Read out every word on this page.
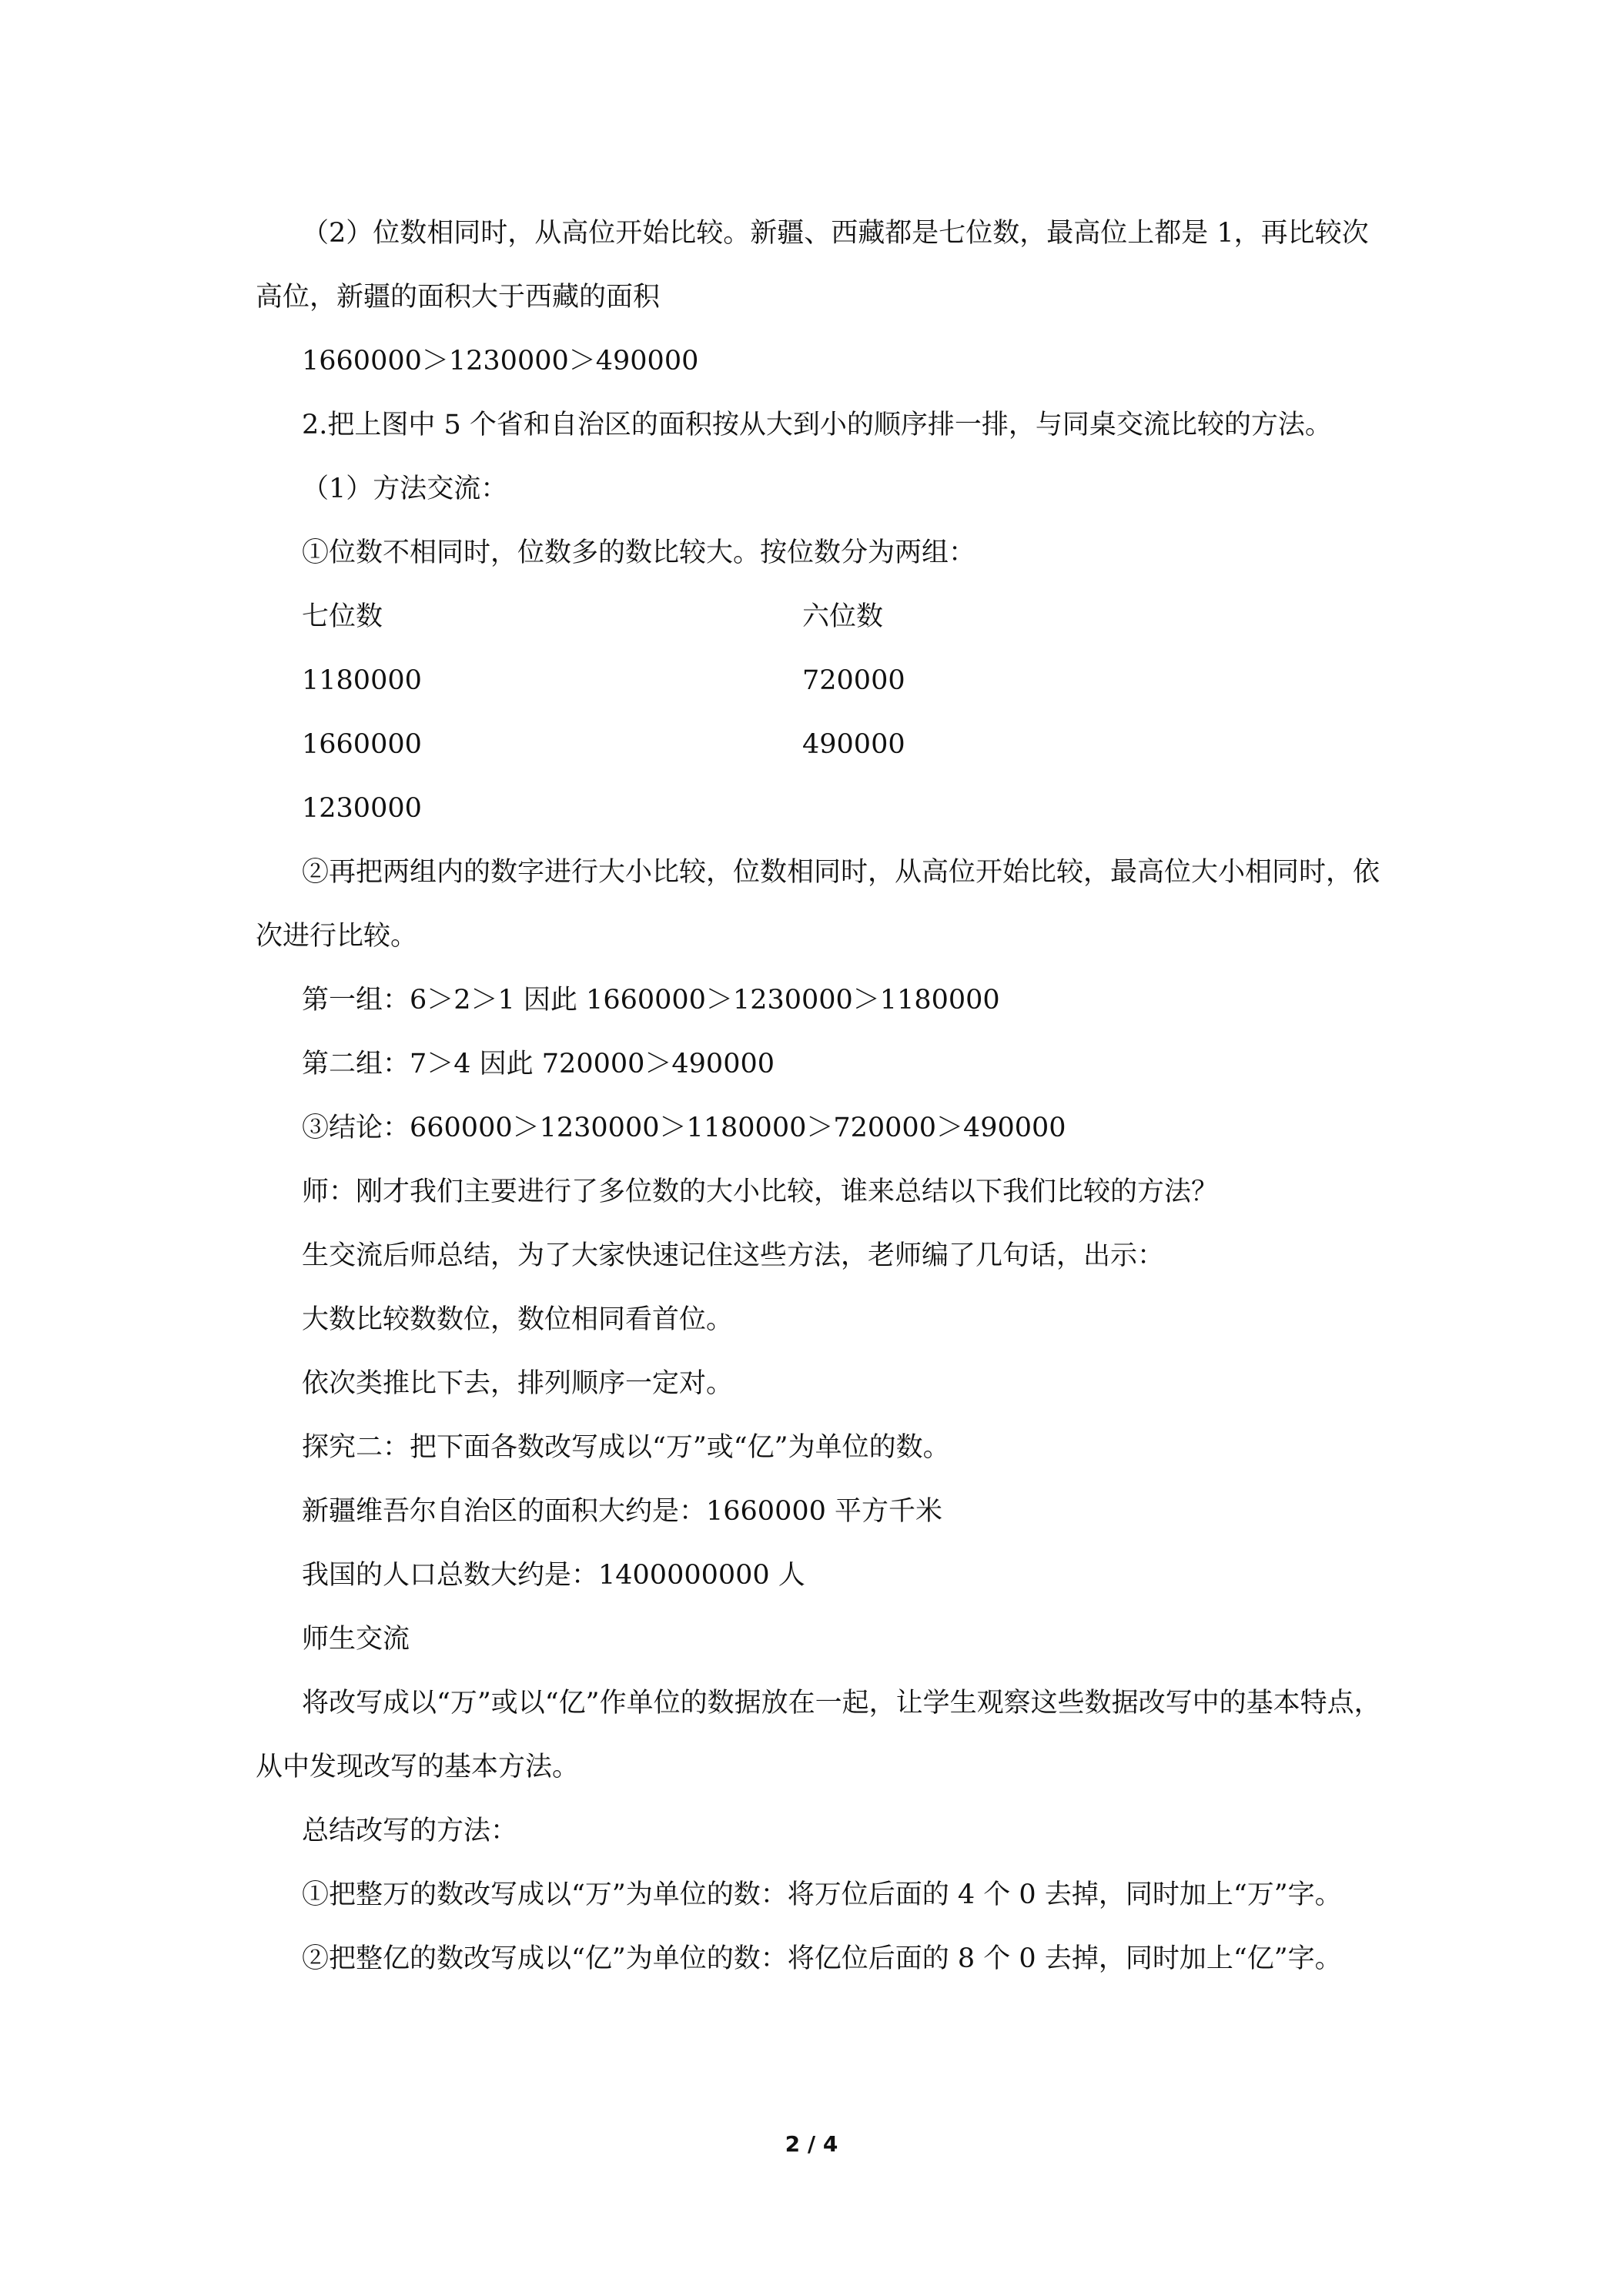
（2）位数相同时，从高位开始比较。新疆、西藏都是七位数，最高位上都是 1，再比较次高位，新疆的面积大于西藏的面积

1660000＞1230000＞490000

2.把上图中 5 个省和自治区的面积按从大到小的顺序排一排，与同桌交流比较的方法。

（1）方法交流：

①位数不相同时，位数多的数比较大。按位数分为两组：

七位数
1180000
1660000
1230000
六位数
720000
490000

②再把两组内的数字进行大小比较，位数相同时，从高位开始比较，最高位大小相同时，依次进行比较。

第一组：6＞2＞1 因此 1660000＞1230000＞1180000

第二组：7＞4 因此 720000＞490000

③结论：660000＞1230000＞1180000＞720000＞490000

师：刚才我们主要进行了多位数的大小比较，谁来总结以下我们比较的方法？

生交流后师总结，为了大家快速记住这些方法，老师编了几句话，出示：

大数比较数数位，数位相同看首位。

依次类推比下去，排列顺序一定对。

探究二：把下面各数改写成以“万”或“亿”为单位的数。

新疆维吾尔自治区的面积大约是：1660000 平方千米

我国的人口总数大约是：1400000000 人

师生交流

将改写成以“万”或以“亿”作单位的数据放在一起，让学生观察这些数据改写中的基本特点，从中发现改写的基本方法。

总结改写的方法：

①把整万的数改写成以“万”为单位的数：将万位后面的 4 个 0 去掉，同时加上“万”字。

②把整亿的数改写成以“亿”为单位的数：将亿位后面的 8 个 0 去掉，同时加上“亿”字。

2 / 4
